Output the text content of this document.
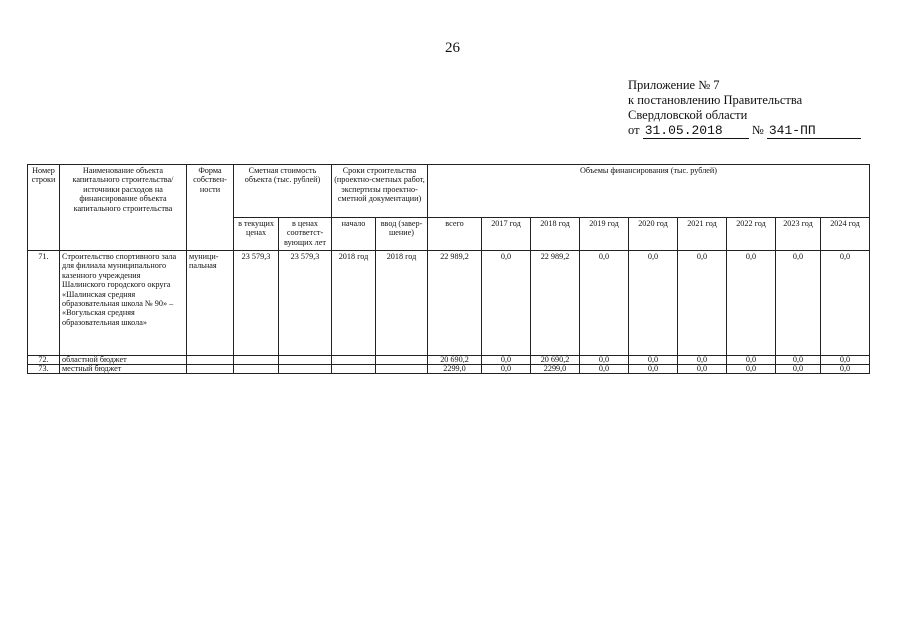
26
Приложение № 7
к постановлению Правительства
Свердловской области
от 31.05.2018 № 341-ПП
Номер строки	Наименование объекта капитального строительства/ источники расходов на финансирование объекта капитального строительства	Форма собствен-ности	Сметная стоимость объекта (тыс. рублей)		Сроки строительства (проектно-сметных работ, экспертизы проектно-сметной документации)		Объемы финансирования (тыс. рублей)								
			в текущих ценах	в ценах соответст-вующих лет	начало	ввод (завер-шение)	всего	2017 год	2018 год	2019 год	2020 год	2021 год	2022 год	2023 год	2024 год
71.	Строительство спортивного зала для филиала муниципального казенного учреждения Шалинского городского округа «Шалинская средняя образовательная школа № 90» – «Вогульская средняя образовательная школа»	муници-пальная	23 579,3	23 579,3	2018 год	2018 год	22 989,2	0,0	22 989,2	0,0	0,0	0,0	0,0	0,0	0,0
72.	областной бюджет						20 690,2	0,0	20 690,2	0,0	0,0	0,0	0,0	0,0	0,0
73.	местный бюджет						2299,0	0,0	2299,0	0,0	0,0	0,0	0,0	0,0	0,0
